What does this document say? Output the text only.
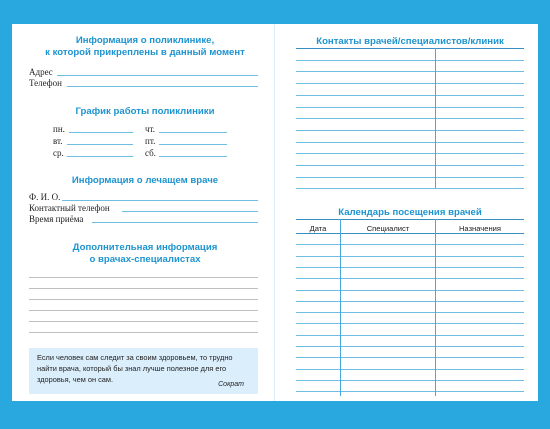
Информация о поликлинике,
к которой прикреплены в данный момент
Адрес
Телефон
График работы поликлиники
пн.
вт.
ср.
чт.
пт.
сб.
Информация о лечащем враче
Ф. И. О.
Контактный телефон
Время приёма
Дополнительная информация
о врачах-специалистах
Если человек сам следит за своим здоровьем, то трудно
найти врача, который бы знал лучше полезное для его
здоровья, чем он сам.
Сократ
Контакты врачей/специалистов/клиник
Календарь посещения врачей
Дата	Специалист	Назначения
